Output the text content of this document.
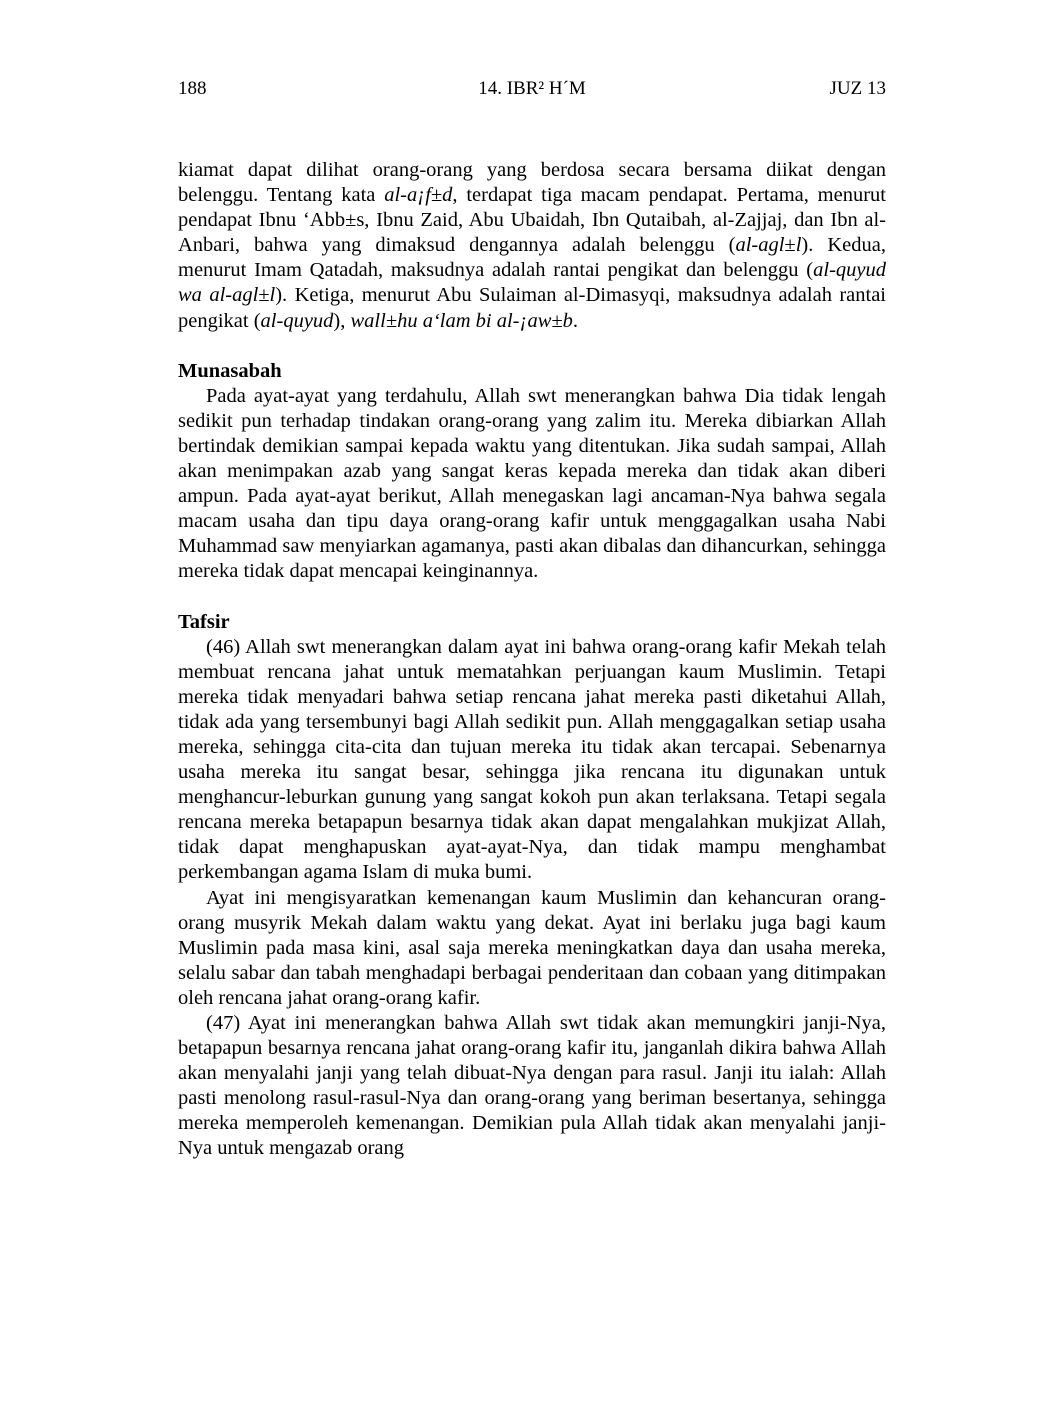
188	14. IBR² H´M	JUZ 13

kiamat dapat dilihat orang-orang yang berdosa secara bersama diikat dengan belenggu. Tentang kata al-a¡f±d, terdapat tiga macam pendapat. Pertama, menurut pendapat Ibnu ‘Abb±s, Ibnu Zaid, Abu Ubaidah, Ibn Qutaibah, al-Zajjaj, dan Ibn al-Anbari, bahwa yang dimaksud dengannya adalah belenggu (al-agl±l). Kedua, menurut Imam Qatadah, maksudnya adalah rantai pengikat dan belenggu (al-quyud wa al-agl±l). Ketiga, menurut Abu Sulaiman al-Dimasyqi, maksudnya adalah rantai pengikat (al-quyud), wall±hu a‘lam bi al-¡aw±b.

Munasabah

Pada ayat-ayat yang terdahulu, Allah swt menerangkan bahwa Dia tidak lengah sedikit pun terhadap tindakan orang-orang yang zalim itu. Mereka dibiarkan Allah bertindak demikian sampai kepada waktu yang ditentukan. Jika sudah sampai, Allah akan menimpakan azab yang sangat keras kepada mereka dan tidak akan diberi ampun. Pada ayat-ayat berikut, Allah menegaskan lagi ancaman-Nya bahwa segala macam usaha dan tipu daya orang-orang kafir untuk menggagalkan usaha Nabi Muhammad saw menyiarkan agamanya, pasti akan dibalas dan dihancurkan, sehingga mereka tidak dapat mencapai keinginannya.

Tafsir

(46) Allah swt menerangkan dalam ayat ini bahwa orang-orang kafir Mekah telah membuat rencana jahat untuk mematahkan perjuangan kaum Muslimin. Tetapi mereka tidak menyadari bahwa setiap rencana jahat mereka pasti diketahui Allah, tidak ada yang tersembunyi bagi Allah sedikit pun. Allah menggagalkan setiap usaha mereka, sehingga cita-cita dan tujuan mereka itu tidak akan tercapai. Sebenarnya usaha mereka itu sangat besar, sehingga jika rencana itu digunakan untuk menghancur-leburkan gunung yang sangat kokoh pun akan terlaksana. Tetapi segala rencana mereka betapapun besarnya tidak akan dapat mengalahkan mukjizat Allah, tidak dapat menghapuskan ayat-ayat-Nya, dan tidak mampu menghambat perkembangan agama Islam di muka bumi.

Ayat ini mengisyaratkan kemenangan kaum Muslimin dan kehancuran orang-orang musyrik Mekah dalam waktu yang dekat. Ayat ini berlaku juga bagi kaum Muslimin pada masa kini, asal saja mereka meningkatkan daya dan usaha mereka, selalu sabar dan tabah menghadapi berbagai penderitaan dan cobaan yang ditimpakan oleh rencana jahat orang-orang kafir.

(47) Ayat ini menerangkan bahwa Allah swt tidak akan memungkiri janji-Nya, betapapun besarnya rencana jahat orang-orang kafir itu, janganlah dikira bahwa Allah akan menyalahi janji yang telah dibuat-Nya dengan para rasul. Janji itu ialah: Allah pasti menolong rasul-rasul-Nya dan orang-orang yang beriman besertanya, sehingga mereka memperoleh kemenangan. Demikian pula Allah tidak akan menyalahi janji-Nya untuk mengazab orang
